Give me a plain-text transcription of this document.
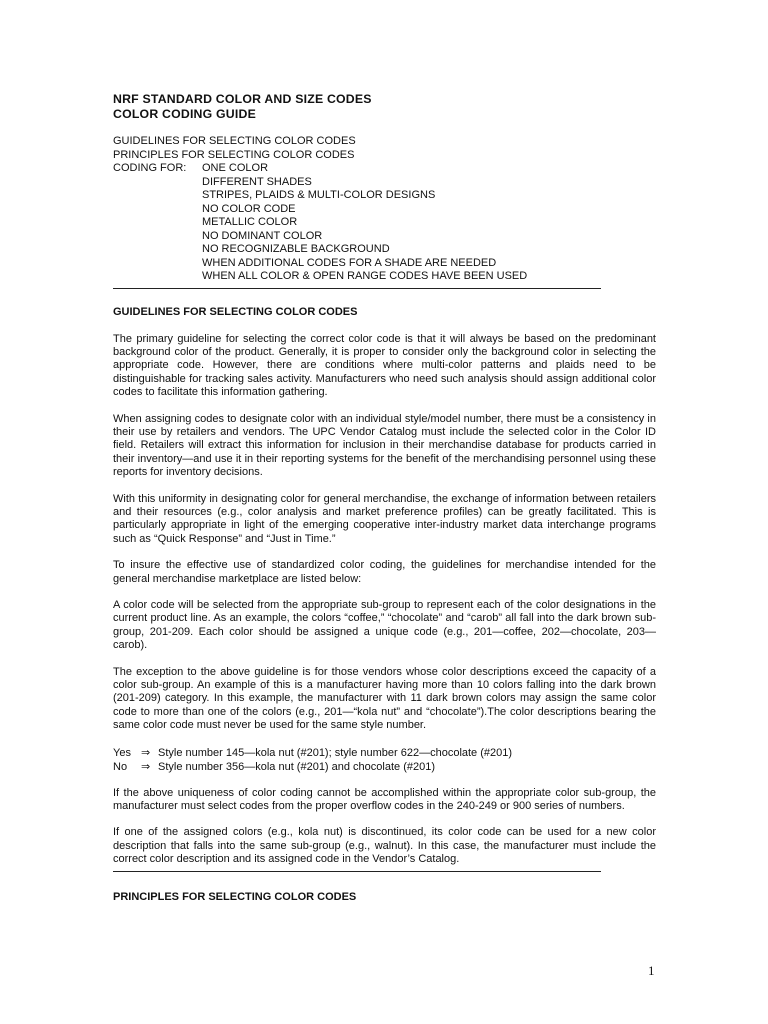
NRF STANDARD COLOR AND SIZE CODES
COLOR CODING GUIDE
GUIDELINES FOR SELECTING COLOR CODES
PRINCIPLES FOR SELECTING COLOR CODES
CODING FOR:	ONE COLOR
DIFFERENT SHADES
STRIPES, PLAIDS & MULTI-COLOR DESIGNS
NO COLOR CODE
METALLIC COLOR
NO DOMINANT COLOR
NO RECOGNIZABLE BACKGROUND
WHEN ADDITIONAL CODES FOR A SHADE ARE NEEDED
WHEN ALL COLOR & OPEN RANGE CODES HAVE BEEN USED
GUIDELINES FOR SELECTING COLOR CODES

The primary guideline for selecting the correct color code is that it will always be based on the predominant background color of the product. Generally, it is proper to consider only the background color in selecting the appropriate code. However, there are conditions where multi-color patterns and plaids need to be distinguishable for tracking sales activity. Manufacturers who need such analysis should assign additional color codes to facilitate this information gathering.

When assigning codes to designate color with an individual style/model number, there must be a consistency in their use by retailers and vendors. The UPC Vendor Catalog must include the selected color in the Color ID field. Retailers will extract this information for inclusion in their merchandise database for products carried in their inventory—and use it in their reporting systems for the benefit of the merchandising personnel using these reports for inventory decisions.

With this uniformity in designating color for general merchandise, the exchange of information between retailers and their resources (e.g., color analysis and market preference profiles) can be greatly facilitated. This is particularly appropriate in light of the emerging cooperative inter-industry market data interchange programs such as “Quick Response” and “Just in Time.”

To insure the effective use of standardized color coding, the guidelines for merchandise intended for the general merchandise marketplace are listed below:

A color code will be selected from the appropriate sub-group to represent each of the color designations in the current product line. As an example, the colors “coffee,” “chocolate” and “carob” all fall into the dark brown sub-group, 201-209. Each color should be assigned a unique code (e.g., 201—coffee, 202—chocolate, 203—carob).

The exception to the above guideline is for those vendors whose color descriptions exceed the capacity of a color sub-group. An example of this is a manufacturer having more than 10 colors falling into the dark brown (201-209) category. In this example, the manufacturer with 11 dark brown colors may assign the same color code to more than one of the colors (e.g., 201—“kola nut” and “chocolate”).The color descriptions bearing the same color code must never be used for the same style number.

Yes ⇒ Style number 145—kola nut (#201); style number 622—chocolate (#201)
No	⇒ Style number 356—kola nut (#201) and chocolate (#201)

If the above uniqueness of color coding cannot be accomplished within the appropriate color sub-group, the manufacturer must select codes from the proper overflow codes in the 240-249 or 900 series of numbers.

If one of the assigned colors (e.g., kola nut) is discontinued, its color code can be used for a new color description that falls into the same sub-group (e.g., walnut). In this case, the manufacturer must include the correct color description and its assigned code in the Vendor’s Catalog.

PRINCIPLES FOR SELECTING COLOR CODES
1
